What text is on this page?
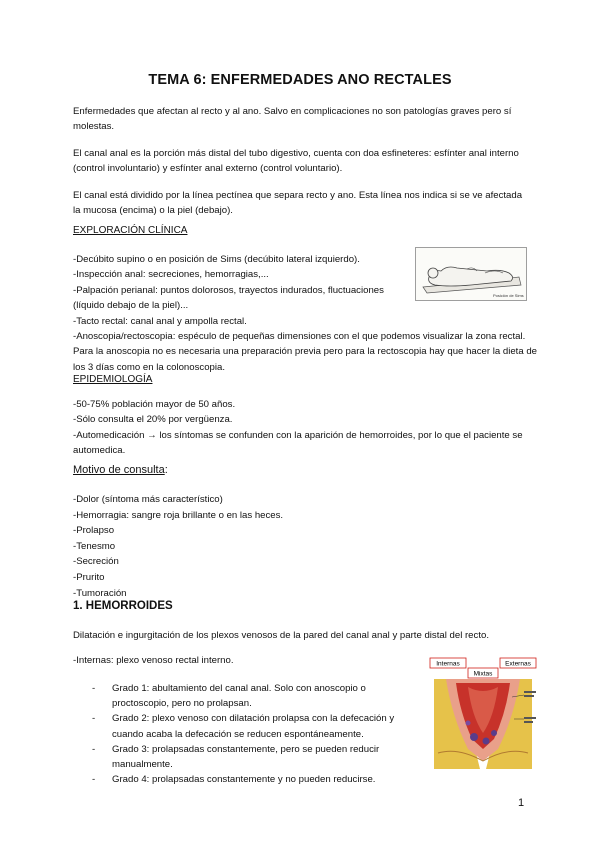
TEMA 6: ENFERMEDADES ANO RECTALES
Enfermedades que afectan al recto y al ano. Salvo en complicaciones no son patologías graves pero sí molestas.
El canal anal es la porción más distal del tubo digestivo, cuenta con doa esfineteres: esfínter anal interno (control involuntario) y esfínter anal externo (control voluntario).
El canal está dividido por la línea pectínea que separa recto y ano. Esta línea nos indica si se ve afectada la mucosa (encima) o la piel (debajo).
EXPLORACIÓN CLÍNICA
-Decúbito supino o en posición de Sims (decúbito lateral izquierdo).
-Inspección anal: secreciones, hemorragias,...
-Palpación perianal: puntos dolorosos, trayectos indurados, fluctuaciones
(líquido debajo de la piel)...
-Tacto rectal: canal anal y ampolla rectal.
-Anoscopia/rectoscopia: espéculo de pequeñas dimensiones con el que podemos visualizar la zona rectal. Para la anoscopia no es necesaria una preparación previa pero para la rectoscopia hay que hacer la dieta de los 3 días como en la colonoscopia.
Posición de Sims
EPIDEMIOLOGÍA
-50-75% población mayor de 50 años.
-Sólo consulta el 20% por vergüenza.
-Automedicación → los síntomas se confunden con la aparición de hemorroides, por lo que el paciente se automedica.
Motivo de consulta:
-Dolor (síntoma más característico)
-Hemorragia: sangre roja brillante o en las heces.
-Prolapso
-Tenesmo
-Secreción
-Prurito
-Tumoración
1. HEMORROIDES
Dilatación e ingurgitación de los plexos venosos de la pared del canal anal y parte distal del recto.
-Internas: plexo venoso rectal interno.
- Grado 1: abultamiento del canal anal. Solo con anoscopio o proctoscopio, pero no prolapsan.
- Grado 2: plexo venoso con dilatación prolapsa con la defecación y cuando acaba la defecación se reducen espontáneamente.
- Grado 3: prolapsadas constantemente, pero se pueden reducir manualmente.
- Grado 4: prolapsadas constantemente y no pueden reducirse.
Internas	Externas
Mixtas
1
